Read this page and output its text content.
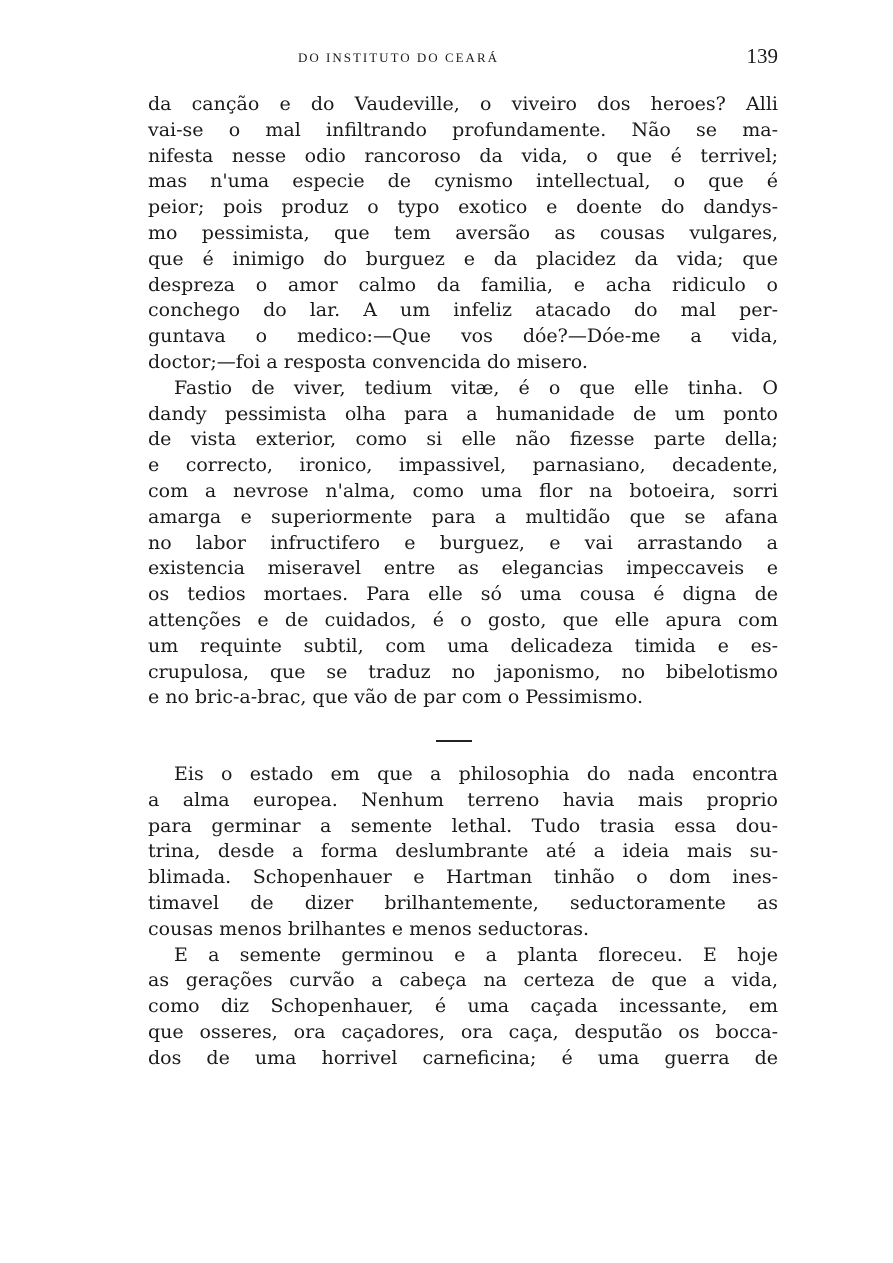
DO INSTITUTO DO CEARÁ	139
da canção e do Vaudeville, o viveiro dos heroes? Alli
vai-se o mal infiltrando profundamente. Não se ma-
nifesta nesse odio rancoroso da vida, o que é terrivel;
mas n'uma especie de cynismo intellectual, o que é
peior; pois produz o typo exotico e doente do dandys-
mo pessimista, que tem aversão as cousas vulgares,
que é inimigo do burguez e da placidez da vida; que
despreza o amor calmo da familia, e acha ridiculo o
conchego do lar. A um infeliz atacado do mal per-
guntava o medico:—Que vos dóe?—Dóe-me a vida,
doctor;—foi a resposta convencida do misero.
Fastio de viver, tedium vitæ, é o que elle tinha. O
dandy pessimista olha para a humanidade de um ponto
de vista exterior, como si elle não fizesse parte della;
e correcto, ironico, impassivel, parnasiano, decadente,
com a nevrose n'alma, como uma flor na botoeira, sorri
amarga e superiormente para a multidão que se afana
no labor infructifero e burguez, e vai arrastando a
existencia miseravel entre as elegancias impeccaveis e
os tedios mortaes. Para elle só uma cousa é digna de
attenções e de cuidados, é o gosto, que elle apura com
um requinte subtil, com uma delicadeza timida e es-
crupulosa, que se traduz no japonismo, no bibelotismo
e no bric-a-brac, que vão de par com o Pessimismo.
Eis o estado em que a philosophia do nada encontra
a alma europea. Nenhum terreno havia mais proprio
para germinar a semente lethal. Tudo trasia essa dou-
trina, desde a forma deslumbrante até a ideia mais su-
blimada. Schopenhauer e Hartman tinhão o dom ines-
timavel de dizer brilhantemente, seductoramente as
cousas menos brilhantes e menos seductoras.
E a semente germinou e a planta floreceu. E hoje
as gerações curvão a cabeça na certeza de que a vida,
como diz Schopenhauer, é uma caçada incessante, em
que osseres, ora caçadores, ora caça, desputão os bocca-
dos de uma horrivel carneficina; é uma guerra de
